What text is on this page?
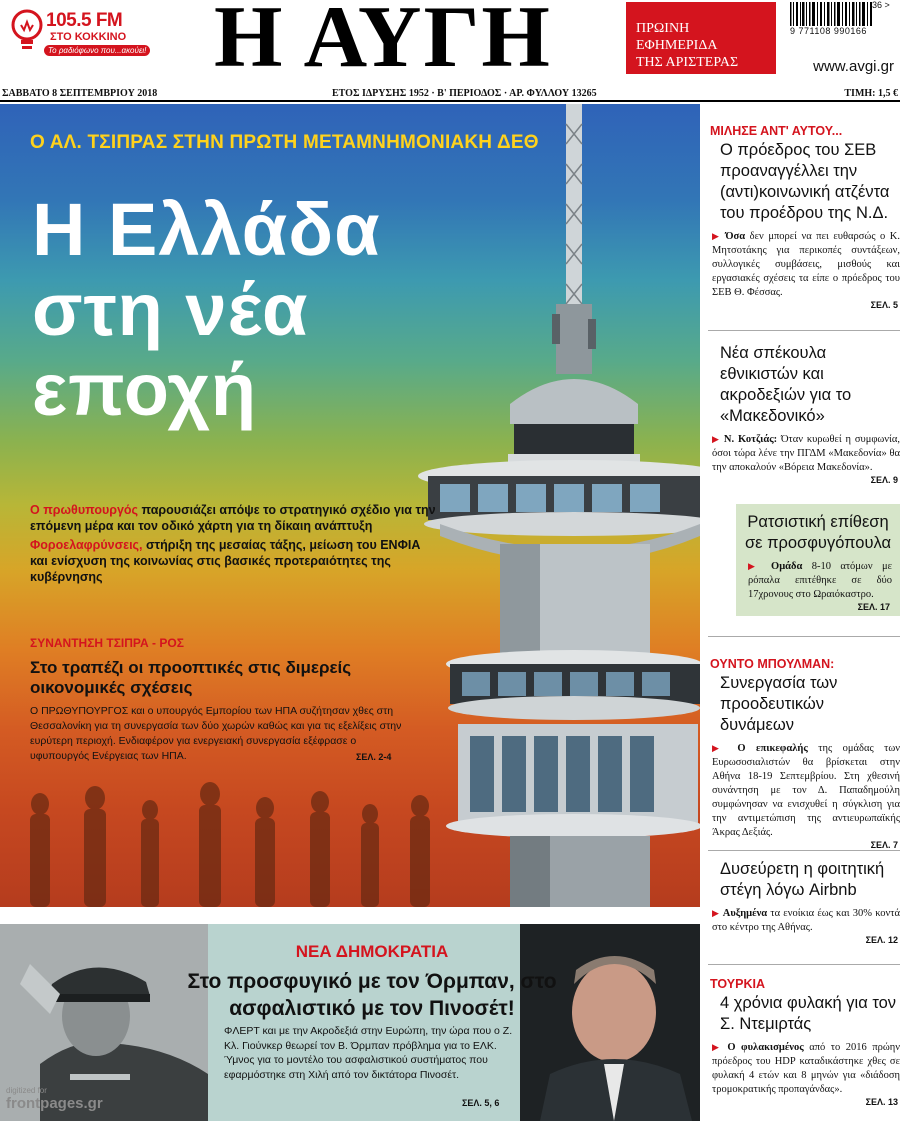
105.5 FM
ΣΤΟ ΚΟΚΚΙΝΟ
Το ραδιόφωνο που...ακούει! Η ΑΥΓΗ	ΠΡΩΙΝΗ
ΕΦΗΜΕΡΙΔΑ
ΤΗΣ ΑΡΙΣΤΕΡΑΣ
36 >
9 771108 990166
www.avgi.gr
ΣΑΒΒΑΤΟ 8 ΣΕΠΤΕΜΒΡΙΟΥ 2018	ΕΤΟΣ ΙΔΡΥΣΗΣ 1952 · Β' ΠΕΡΙΟΔΟΣ · ΑΡ. ΦΥΛΛΟΥ 13265	ΤΙΜΗ: 1,5 €
Ο ΑΛ. ΤΣΙΠΡΑΣ ΣΤΗΝ ΠΡΩΤΗ ΜΕΤΑΜΝΗΜΟΝΙΑΚΗ ΔΕΘ
Η Ελλάδα
στη νέα
εποχή

Ο πρωθυπουργός παρουσιάζει απόψε το στρατηγικό σχέδιο για την επόμενη μέρα και τον οδικό χάρτη για τη δίκαιη ανάπτυξη

Φοροελαφρύνσεις, στήριξη της μεσαίας τάξης, μείωση του ΕΝΦΙΑ και ενίσχυση της κοινωνίας στις βασικές προτεραιότητες της κυβέρνησης

ΣΥΝΑΝΤΗΣΗ ΤΣΙΠΡΑ - ΡΟΣ
Στο τραπέζι οι προοπτικές στις διμερείς οικονομικές σχέσεις
Ο ΠΡΩΘΥΠΟΥΡΓΟΣ και ο υπουργός Εμπορίου των ΗΠΑ συζήτησαν χθες στη Θεσσαλονίκη για τη συνεργασία των δύο χωρών καθώς και για τις εξελίξεις στην ευρύτερη περιοχή. Ενδιαφέρον για ενεργειακή συνεργασία εξέφρασε ο υφυπουργός Ενέργειας των ΗΠΑ.	ΣΕΛ. 2-4
ΝΕΑ ΔΗΜΟΚΡΑΤΙΑ
Στο προσφυγικό με τον Όρμπαν, στο ασφαλιστικό με τον Πινοσέτ!
ΦΛΕΡΤ και με την Ακροδεξιά στην Ευρώπη, την ώρα που ο Ζ. Κλ. Γιούνκερ θεωρεί τον Β. Όρμπαν πρόβλημα για το ΕΛΚ. Ύμνος για το μοντέλο του ασφαλιστικού συστήματος που εφαρμόστηκε στη Χιλή από τον δικτάτορα Πινοσέτ.
ΣΕΛ. 5, 6
digitized for
frontpages.gr
ΜΙΛΗΣΕ ΑΝΤ' ΑΥΤΟΥ...
Ο πρόεδρος του ΣΕΒ προαναγγέλλει την (αντι)κοινωνική ατζέντα του προέδρου της Ν.Δ.
▶ Όσα δεν μπορεί να πει ευθαρσώς ο Κ. Μητσοτάκης για περικοπές συντάξεων, συλλογικές συμβάσεις, μισθούς και εργασιακές σχέσεις τα είπε ο πρόεδρος του ΣΕΒ Θ. Φέσσας.
ΣΕΛ. 5
Νέα σπέκουλα εθνικιστών και ακροδεξιών για το «Μακεδονικό»
▶ Ν. Κοτζιάς: Όταν κυρωθεί η συμφωνία, όσοι τώρα λένε την ΠΓΔΜ «Μακεδονία» θα την αποκαλούν «Βόρεια Μακεδονία».
ΣΕΛ. 9
Ρατσιστική επίθεση σε προσφυγόπουλα
▶ Ομάδα 8-10 ατόμων με ρόπαλα επιτέθηκε σε δύο 17χρονους στο Ωραιόκαστρο.
ΣΕΛ. 17
ΟΥΝΤΟ ΜΠΟΥΛΜΑΝ:
Συνεργασία των προοδευτικών δυνάμεων
▶ Ο επικεφαλής της ομάδας των Ευρωσοσιαλιστών θα βρίσκεται στην Αθήνα 18-19 Σεπτεμβρίου. Στη χθεσινή συνάντηση με τον Δ. Παπαδημούλη συμφώνησαν να ενισχυθεί η σύγκλιση για την αντιμετώπιση της αντιευρωπαϊκής Άκρας Δεξιάς.
ΣΕΛ. 7
Δυσεύρετη η φοιτητική στέγη λόγω Airbnb
▶ Αυξημένα τα ενοίκια έως και 30% κοντά στο κέντρο της Αθήνας.
ΣΕΛ. 12
ΤΟΥΡΚΙΑ
4 χρόνια φυλακή για τον Σ. Ντεμιρτάς
▶ Ο φυλακισμένος από το 2016 πρώην πρόεδρος του HDP καταδικάστηκε χθες σε φυλακή 4 ετών και 8 μηνών για «διάδοση τρομοκρατικής προπαγάνδας».
ΣΕΛ. 13
